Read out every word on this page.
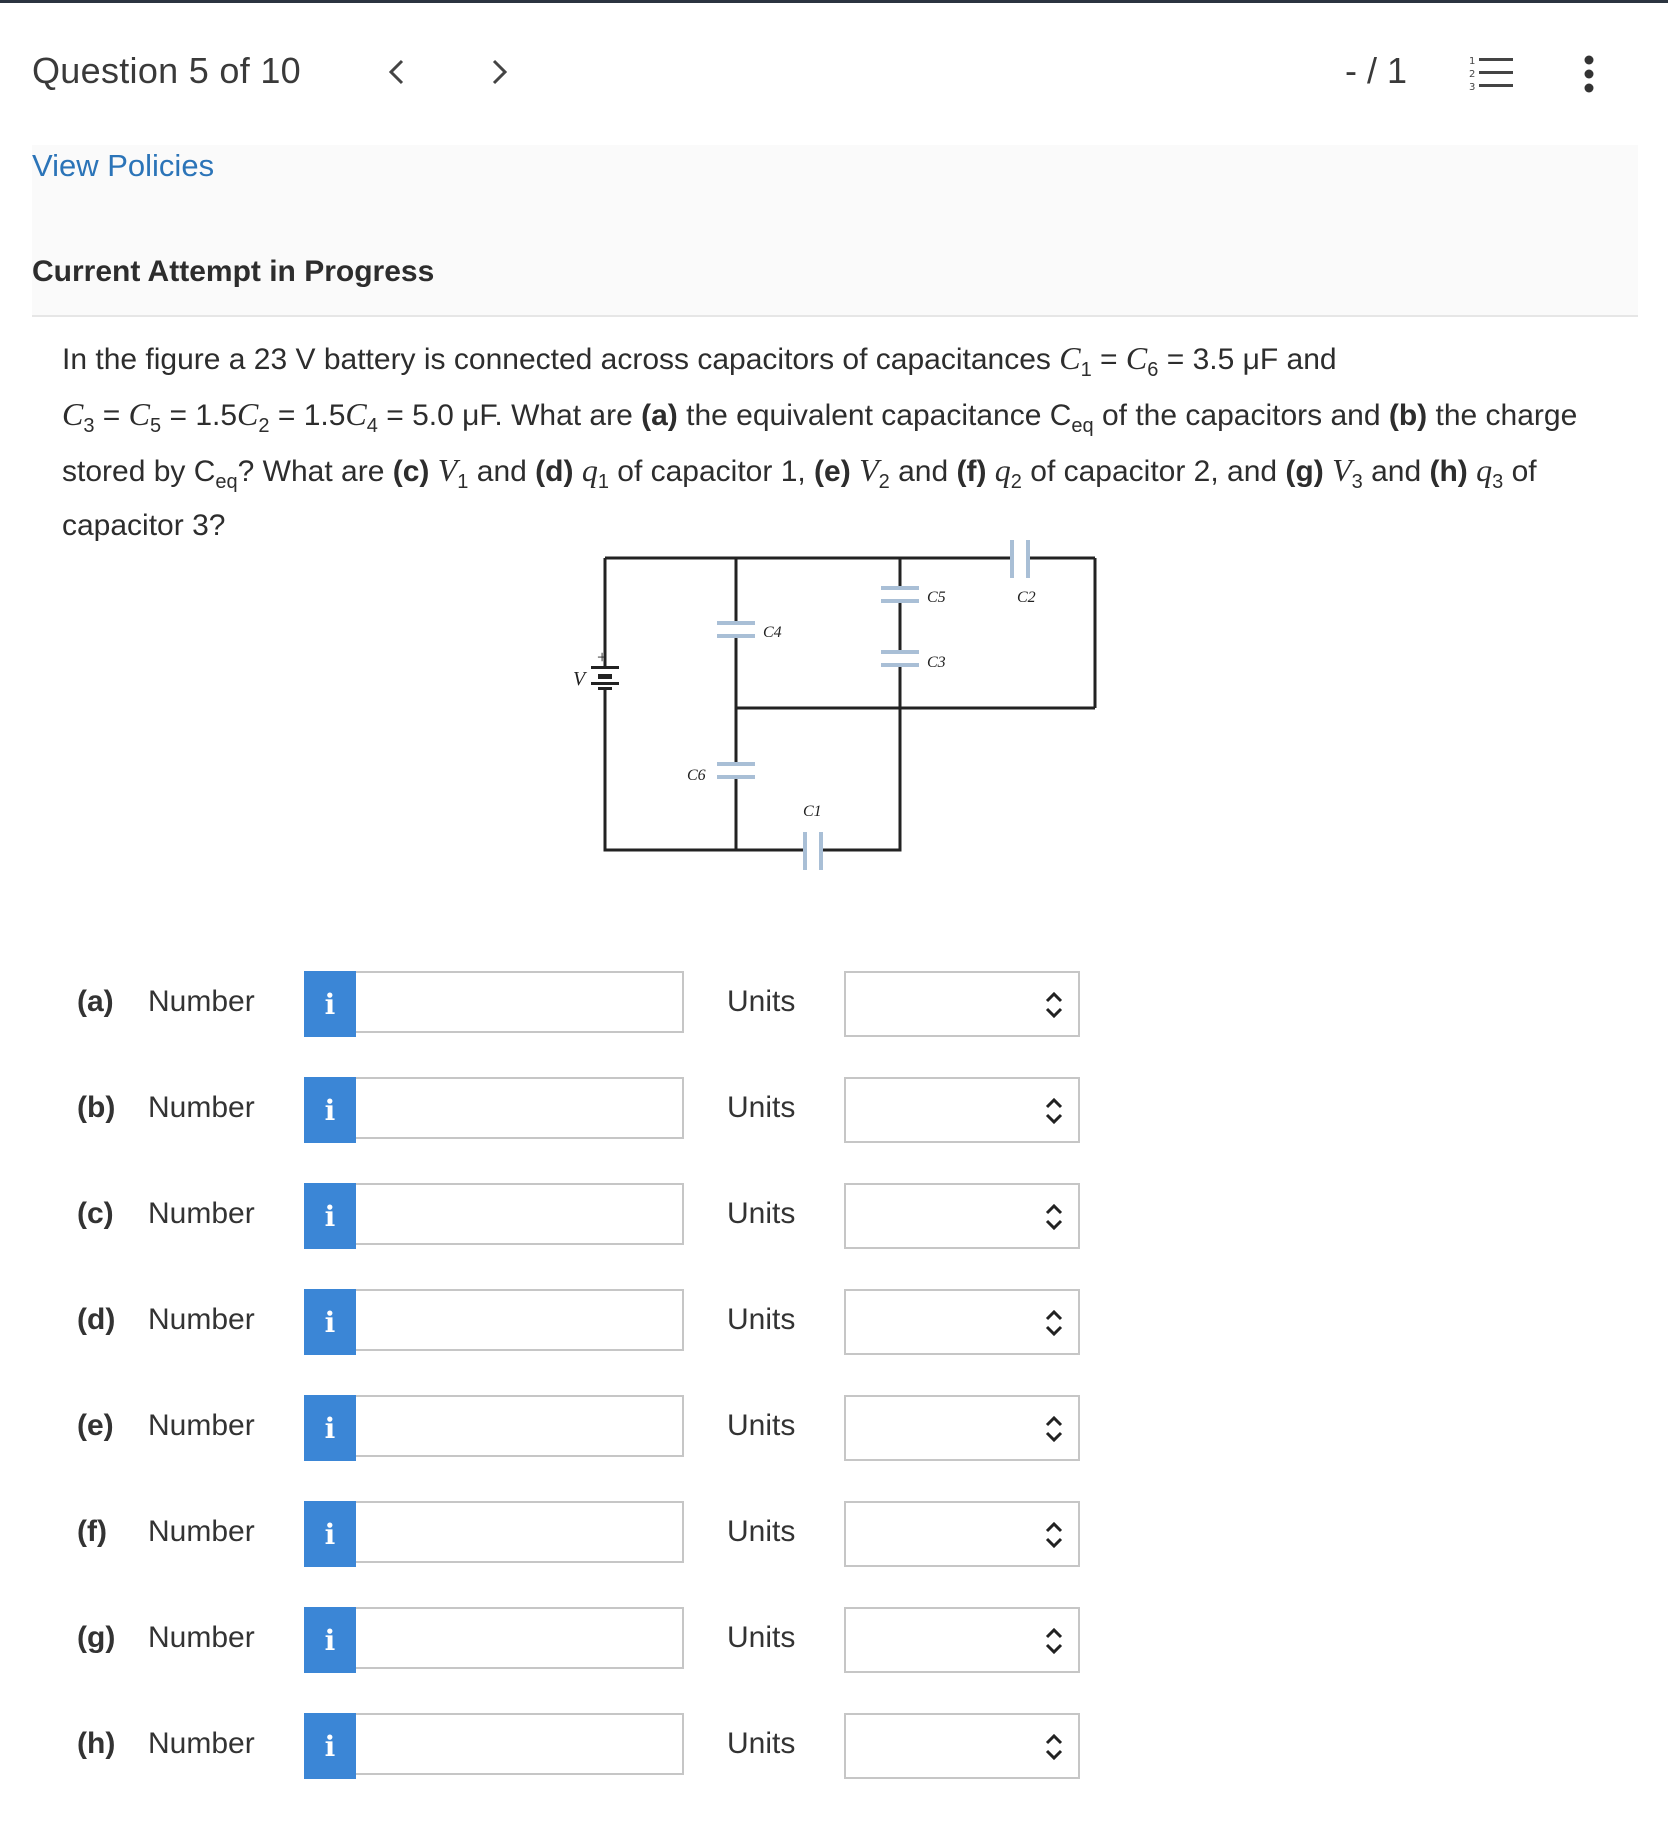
Question 5 of 10	- / 1	1
2
3
View Policies
Current Attempt in Progress
In the figure a 23 V battery is connected across capacitors of capacitances $C_1 = C_6 = 3.5$ μF and
$C_3 = C_5 = 1.5C_2 = 1.5C_4 = 5.0$ μF. What are (a) the equivalent capacitance $C_{eq}$ of the capacitors and (b) the charge stored by $C_{eq}$? What are (c) $V_1$ and (d) $q_1$ of capacitor 1, (e) $V_2$ and (f) $q_2$ of capacitor 2, and (g) $V_3$ and (h) $q_3$ of capacitor 3?
V
+
C4
C6
C5
C3
C2
C1
(a) Number i	Units
(b) Number i	Units
(c) Number i	Units
(d) Number i	Units
(e) Number i	Units
(f) Number i	Units
(g) Number i	Units
(h) Number i	Units
